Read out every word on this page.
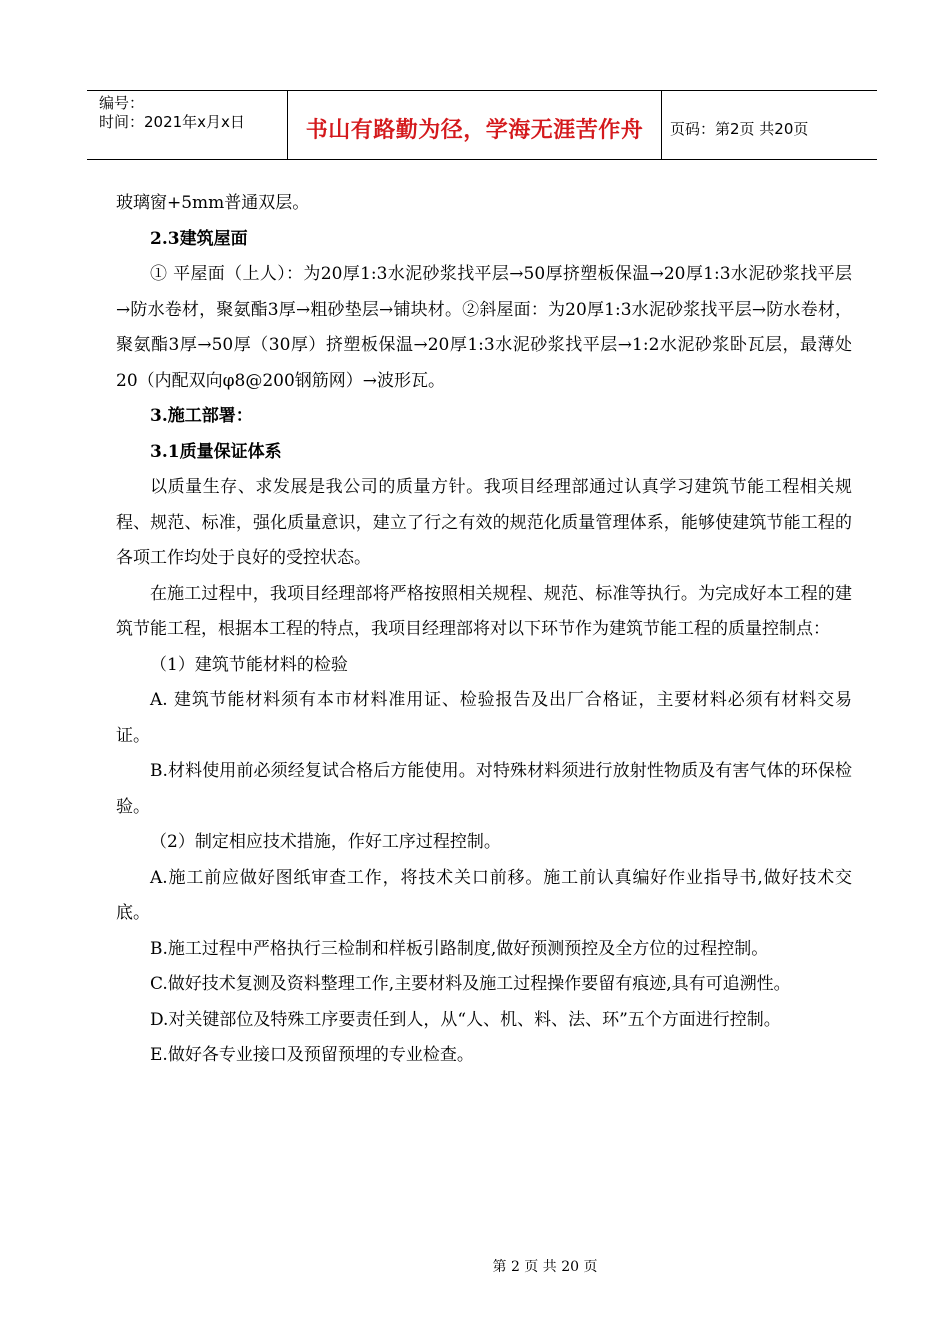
编号：
时间：2021年x月x日	书山有路勤为径，学海无涯苦作舟 页码：第2页 共20页

玻璃窗+5mm普通双层。

2.3建筑屋面

① 平屋面（上人）：为20厚1:3水泥砂浆找平层→50厚挤塑板保温→20厚1:3水泥砂浆找平层→防水卷材，聚氨酯3厚→粗砂垫层→铺块材。②斜屋面：为20厚1:3水泥砂浆找平层→防水卷材，聚氨酯3厚→50厚（30厚）挤塑板保温→20厚1:3水泥砂浆找平层→1:2水泥砂浆卧瓦层，最薄处20（内配双向φ8@200钢筋网）→波形瓦。

3.施工部署：

3.1质量保证体系

以质量生存、求发展是我公司的质量方针。我项目经理部通过认真学习建筑节能工程相关规程、规范、标准，强化质量意识，建立了行之有效的规范化质量管理体系，能够使建筑节能工程的各项工作均处于良好的受控状态。

在施工过程中，我项目经理部将严格按照相关规程、规范、标准等执行。为完成好本工程的建筑节能工程，根据本工程的特点，我项目经理部将对以下环节作为建筑节能工程的质量控制点：

（1）建筑节能材料的检验

A. 建筑节能材料须有本市材料准用证、检验报告及出厂合格证，主要材料必须有材料交易证。

B.材料使用前必须经复试合格后方能使用。对特殊材料须进行放射性物质及有害气体的环保检验。

（2）制定相应技术措施，作好工序过程控制。

A.施工前应做好图纸审查工作，将技术关口前移。施工前认真编好作业指导书,做好技术交底。

B.施工过程中严格执行三检制和样板引路制度,做好预测预控及全方位的过程控制。

C.做好技术复测及资料整理工作,主要材料及施工过程操作要留有痕迹,具有可追溯性。

D.对关键部位及特殊工序要责任到人，从“人、机、料、法、环”五个方面进行控制。

E.做好各专业接口及预留预埋的专业检查。

第 2 页 共 20 页
